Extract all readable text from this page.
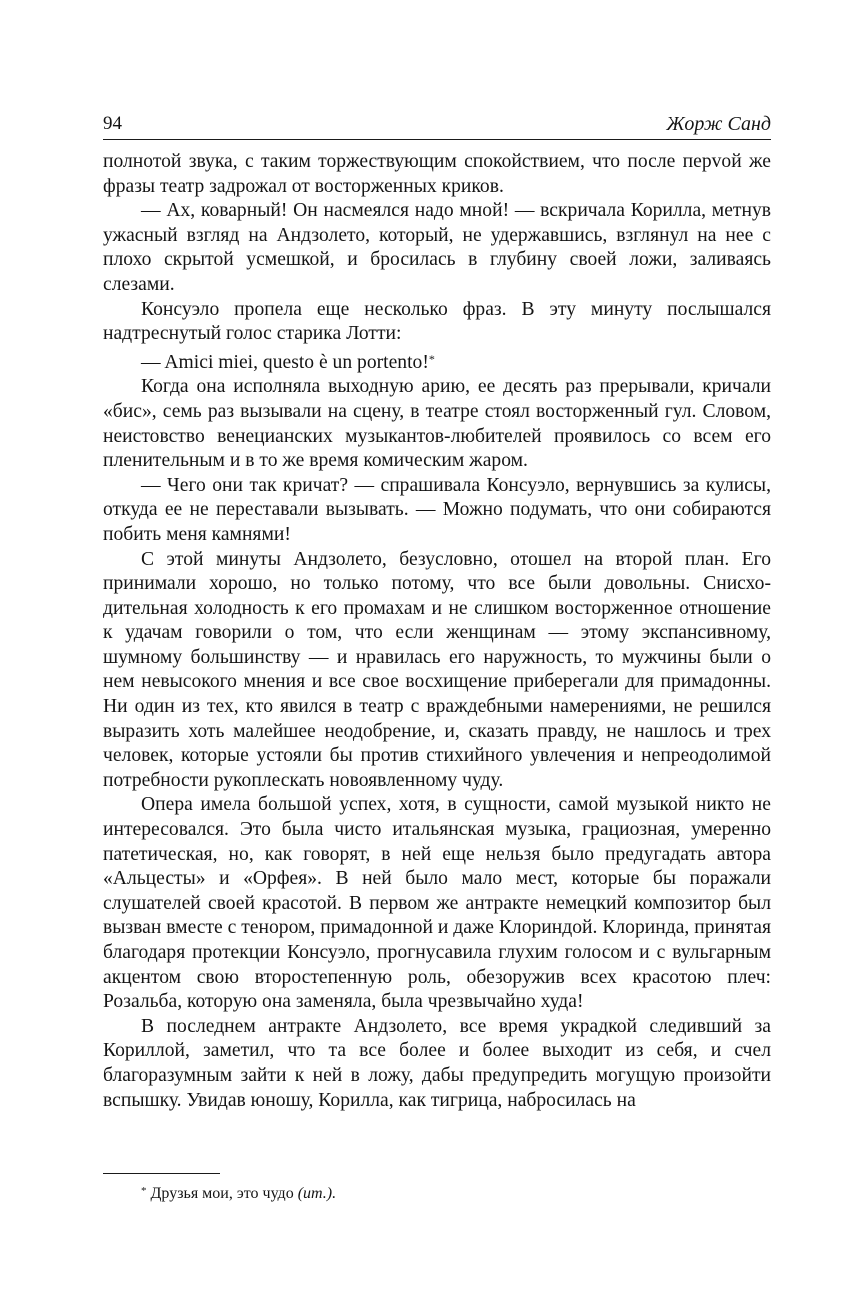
94	Жорж Санд

полнотой звука, с таким торжествующим спокойствием, что после перvой же фразы театр задрожал от восторженных криков.

— Ах, коварный! Он насмеялся надо мной! — вскричала Корилла, метнув ужасный взгляд на Андзолето, который, не удержавшись, взглянул на нее с плохо скрытой усмешкой, и бросилась в глубину своей ложи, заливаясь слезами.

Консуэло пропела еще несколько фраз. В эту минуту послышался надтреснутый голос старика Лотти:

— Amici miei, questo è un portento!*

Когда она исполняла выходную арию, ее десять раз прерывали, кричали «бис», семь раз вызывали на сцену, в театре стоял восторженный гул. Словом, неистовство венецианских музыкантов-любителей проявилось со всем его пленительным и в то же время комическим жаром.

— Чего они так кричат? — спрашивала Консуэло, вернувшись за кулисы, откуда ее не переставали вызывать. — Можно подумать, что они собираются побить меня камнями!

С этой минуты Андзолето, безусловно, отошел на второй план. Его принимали хорошо, но только потому, что все были довольны. Снисходительная холодность к его промахам и не слишком восторженное отношение к удачам говорили о том, что если женщинам — этому экспансивному, шумному большинству — и нравилась его наружность, то мужчины были о нем невысокого мнения и все свое восхищение приберегали для примадонны. Ни один из тех, кто явился в театр с враждебными намерениями, не решился выразить хоть малейшее неодобрение, и, сказать правду, не нашлось и трех человек, которые устояли бы против стихийного увлечения и непреодолимой потребности рукоплескать новоявленному чуду.

Опера имела большой успех, хотя, в сущности, самой музыкой никто не интересовался. Это была чисто итальянская музыка, грациозная, умеренно патетическая, но, как говорят, в ней еще нельзя было предугадать автора «Альцесты» и «Орфея». В ней было мало мест, которые бы поражали слушателей своей красотой. В первом же антракте немецкий композитор был вызван вместе с тенором, примадонной и даже Клориндой. Клоринда, принятая благодаря протекции Консуэло, прогнусавила глухим голосом и с вульгарным акцентом свою второстепенную роль, обезоружив всех красотою плеч: Розальба, которую она заменяла, была чрезвычайно худа!

В последнем антракте Андзолето, все время украдкой следивший за Кориллой, заметил, что та все более и более выходит из себя, и счел благоразумным зайти к ней в ложу, дабы предупредить могущую произойти вспышку. Увидав юношу, Корилла, как тигрица, набросилась на

* Друзья мои, это чудо (ит.).
